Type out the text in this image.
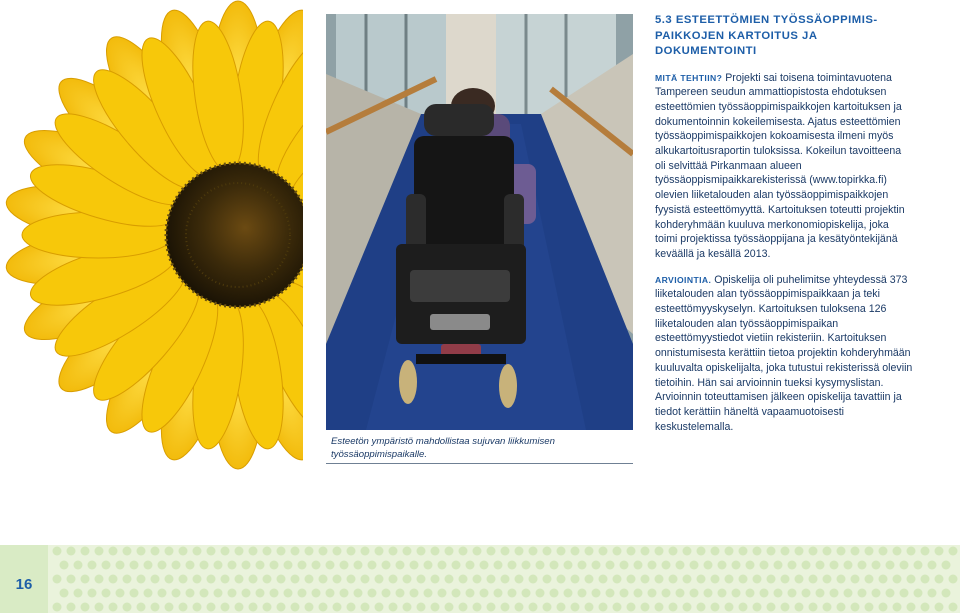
Esteetön ympäristö mahdollistaa sujuvan liikkumisen työssäoppimispaikalle.
5.3 ESTEETTÖMIEN TYÖSSÄOPPIMIS- PAIKKOJEN KARTOITUS JA DOKUMENTOINTI

MITÄ TEHTIIN? Projekti sai toisena toimintavuotena Tampereen seudun ammattiopistosta ehdotuksen esteettömien työssäoppimispaikkojen kartoituksen ja dokumentoinnin kokeilemisesta. Ajatus esteettömien työssäoppimispaikkojen kokoamisesta ilmeni myös alkukartoitusraportin tuloksissa. Kokeilun tavoitteena oli selvittää Pirkanmaan alueen työssäoppismipaikkarekisterissä (www.topirkka.fi) olevien liiketalouden alan työssäoppimispaikkojen fyysistä esteettömyyttä. Kartoituksen toteutti projektin kohderyhmään kuuluva merkonomiopiskelija, joka toimi projektissa työssäoppijana ja kesätyöntekijänä keväällä ja kesällä 2013.

ARVIOINTIA. Opiskelija oli puhelimitse yhteydessä 373 liiketalouden alan työssäoppimispaikkaan ja teki esteettömyyskyselyn. Kartoituksen tuloksena 126 liiketalouden alan työssäoppimispaikan esteettömyystiedot vietiin rekisteriin. Kartoituksen onnistumisesta kerättiin tietoa projektin kohderyhmään kuuluvalta opiskelijalta, joka tutustui rekisterissä oleviin tietoihin. Hän sai arvioinnin tueksi kysymyslistan. Arvioinnin toteuttamisen jälkeen opiskelija tavattiin ja tiedot kerättiin häneltä vapaamuotoisesti keskustelemalla.

16
